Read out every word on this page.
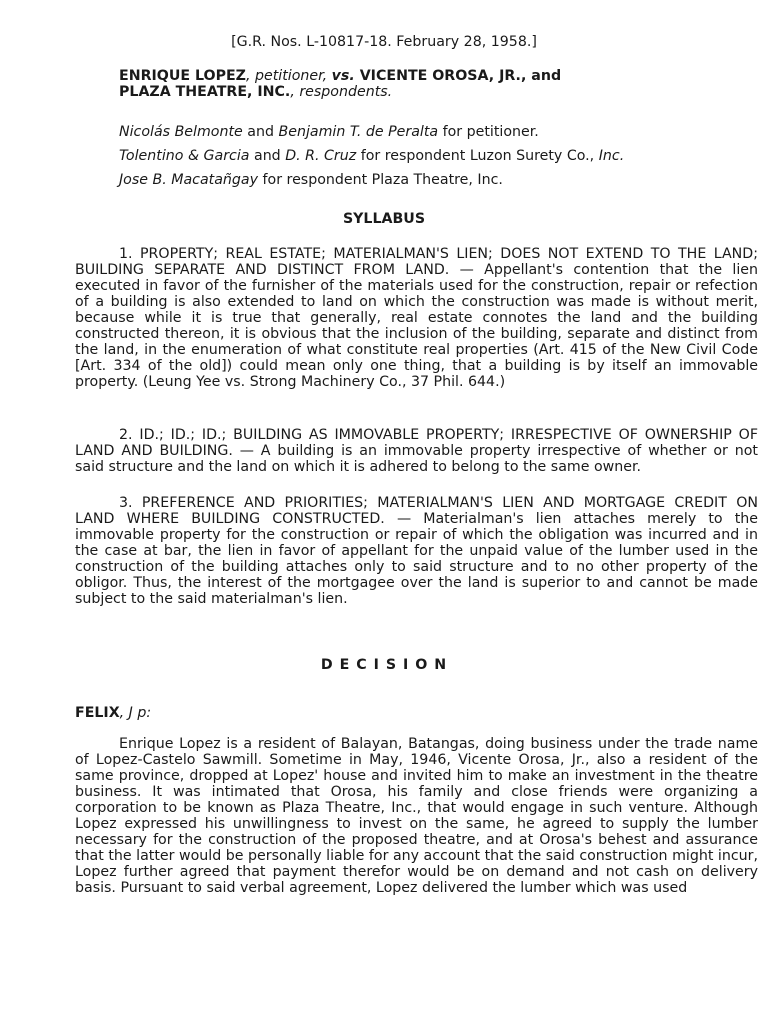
[G.R. Nos. L-10817-18. February 28, 1958.]

ENRIQUE LOPEZ, petitioner, vs. VICENTE OROSA, JR., and
PLAZA THEATRE, INC., respondents.

Nicolás Belmonte and Benjamin T. de Peralta for petitioner.

Tolentino & Garcia and D. R. Cruz for respondent Luzon Surety Co., Inc.

Jose B. Macatañgay for respondent Plaza Theatre, Inc.

SYLLABUS

1. PROPERTY; REAL ESTATE; MATERIALMAN'S LIEN; DOES NOT EXTEND TO THE LAND; BUILDING SEPARATE AND DISTINCT FROM LAND. — Appellant's contention that the lien executed in favor of the furnisher of the materials used for the construction, repair or refection of a building is also extended to land on which the construction was made is without merit, because while it is true that generally, real estate connotes the land and the building constructed thereon, it is obvious that the inclusion of the building, separate and distinct from the land, in the enumeration of what constitute real properties (Art. 415 of the New Civil Code [Art. 334 of the old]) could mean only one thing, that a building is by itself an immovable property. (Leung Yee vs. Strong Machinery Co., 37 Phil. 644.)

2. ID.; ID.; ID.; BUILDING AS IMMOVABLE PROPERTY; IRRESPECTIVE OF OWNERSHIP OF LAND AND BUILDING. — A building is an immovable property irrespective of whether or not said structure and the land on which it is adhered to belong to the same owner.

3. PREFERENCE AND PRIORITIES; MATERIALMAN'S LIEN AND MORTGAGE CREDIT ON LAND WHERE BUILDING CONSTRUCTED. — Materialman's lien attaches merely to the immovable property for the construction or repair of which the obligation was incurred and in the case at bar, the lien in favor of appellant for the unpaid value of the lumber used in the construction of the building attaches only to said structure and to no other property of the obligor. Thus, the interest of the mortgagee over the land is superior to and cannot be made subject to the said materialman's lien.

D E C I S I O N

FELIX, J p:

Enrique Lopez is a resident of Balayan, Batangas, doing business under the trade name of Lopez-Castelo Sawmill. Sometime in May, 1946, Vicente Orosa, Jr., also a resident of the same province, dropped at Lopez' house and invited him to make an investment in the theatre business. It was intimated that Orosa, his family and close friends were organizing a corporation to be known as Plaza Theatre, Inc., that would engage in such venture. Although Lopez expressed his unwillingness to invest on the same, he agreed to supply the lumber necessary for the construction of the proposed theatre, and at Orosa's behest and assurance that the latter would be personally liable for any account that the said construction might incur, Lopez further agreed that payment therefor would be on demand and not cash on delivery basis. Pursuant to said verbal agreement, Lopez delivered the lumber which was used
